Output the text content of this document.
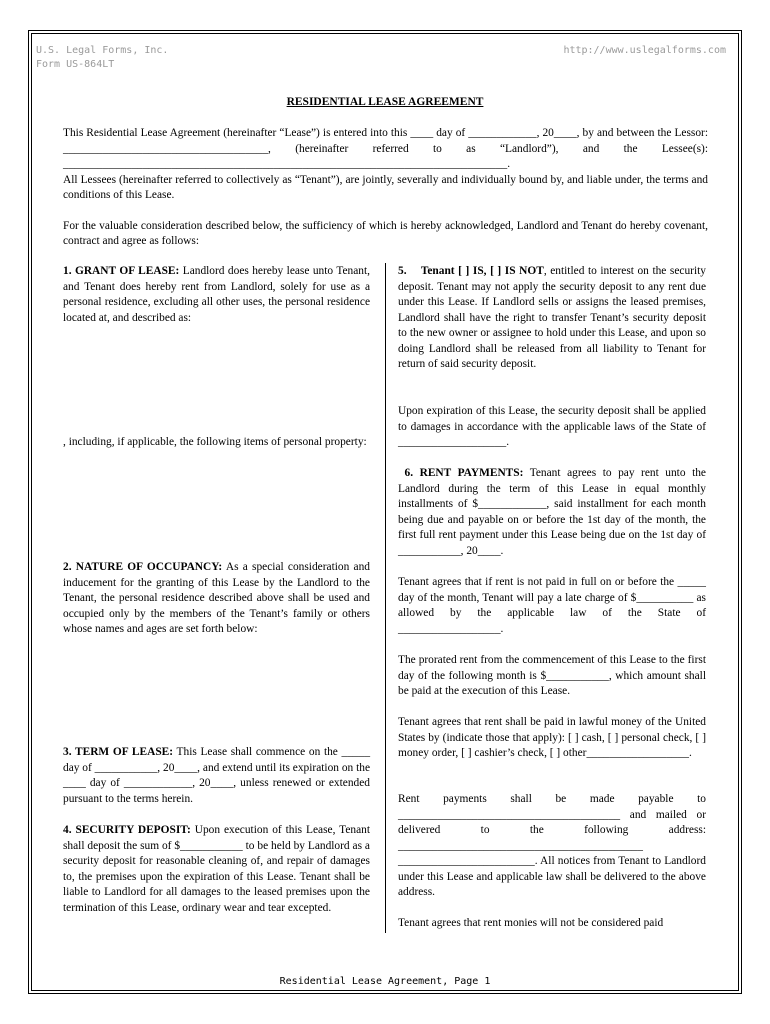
U.S. Legal Forms, Inc.
Form US-864LT
http://www.uslegalforms.com
RESIDENTIAL LEASE AGREEMENT

This Residential Lease Agreement (hereinafter “Lease”) is entered into this ____ day of ____________, 20____, by and between the Lessor: ____________________________________, (hereinafter referred to as “Landlord”), and the Lessee(s): ______________________________________________________________________________.

All Lessees (hereinafter referred to collectively as “Tenant”), are jointly, severally and individually bound by, and liable under, the terms and conditions of this Lease.

For the valuable consideration described below, the sufficiency of which is hereby acknowledged, Landlord and Tenant do hereby covenant, contract and agree as follows:

1. GRANT OF LEASE: Landlord does hereby lease unto Tenant, and Tenant does hereby rent from Landlord, solely for use as a personal residence, excluding all other uses, the personal residence located at, and described as:

, including, if applicable, the following items of personal property:

2. NATURE OF OCCUPANCY: As a special consideration and inducement for the granting of this Lease by the Landlord to the Tenant, the personal residence described above shall be used and occupied only by the members of the Tenant’s family or others whose names and ages are set forth below:

3. TERM OF LEASE: This Lease shall commence on the _____ day of ___________, 20____, and extend until its expiration on the ____ day of ____________, 20____, unless renewed or extended pursuant to the terms herein.

4. SECURITY DEPOSIT: Upon execution of this Lease, Tenant shall deposit the sum of $___________ to be held by Landlord as a security deposit for reasonable cleaning of, and repair of damages to, the premises upon the expiration of this Lease. Tenant shall be liable to Landlord for all damages to the leased premises upon the termination of this Lease, ordinary wear and tear excepted.

5. Tenant [ ] IS, [ ] IS NOT, entitled to interest on the security deposit. Tenant may not apply the security deposit to any rent due under this Lease. If Landlord sells or assigns the leased premises, Landlord shall have the right to transfer Tenant’s security deposit to the new owner or assignee to hold under this Lease, and upon so doing Landlord shall be released from all liability to Tenant for return of said security deposit.

Upon expiration of this Lease, the security deposit shall be applied to damages in accordance with the applicable laws of the State of ___________________.

6. RENT PAYMENTS: Tenant agrees to pay rent unto the Landlord during the term of this Lease in equal monthly installments of $____________, said installment for each month being due and payable on or before the 1st day of the month, the first full rent payment under this Lease being due on the 1st day of ___________, 20____.

Tenant agrees that if rent is not paid in full on or before the _____ day of the month, Tenant will pay a late charge of $__________ as allowed by the applicable law of the State of __________________.

The prorated rent from the commencement of this Lease to the first day of the following month is $___________, which amount shall be paid at the execution of this Lease.

Tenant agrees that rent shall be paid in lawful money of the United States by (indicate those that apply): [ ] cash, [ ] personal check, [ ] money order, [ ] cashier’s check, [ ] other__________________.

Rent payments shall be made payable to _______________________________________ and mailed or delivered to the following address: ___________________________________________ ________________________. All notices from Tenant to Landlord under this Lease and applicable law shall be delivered to the above address.

Tenant agrees that rent monies will not be considered paid

Residential Lease Agreement, Page 1
